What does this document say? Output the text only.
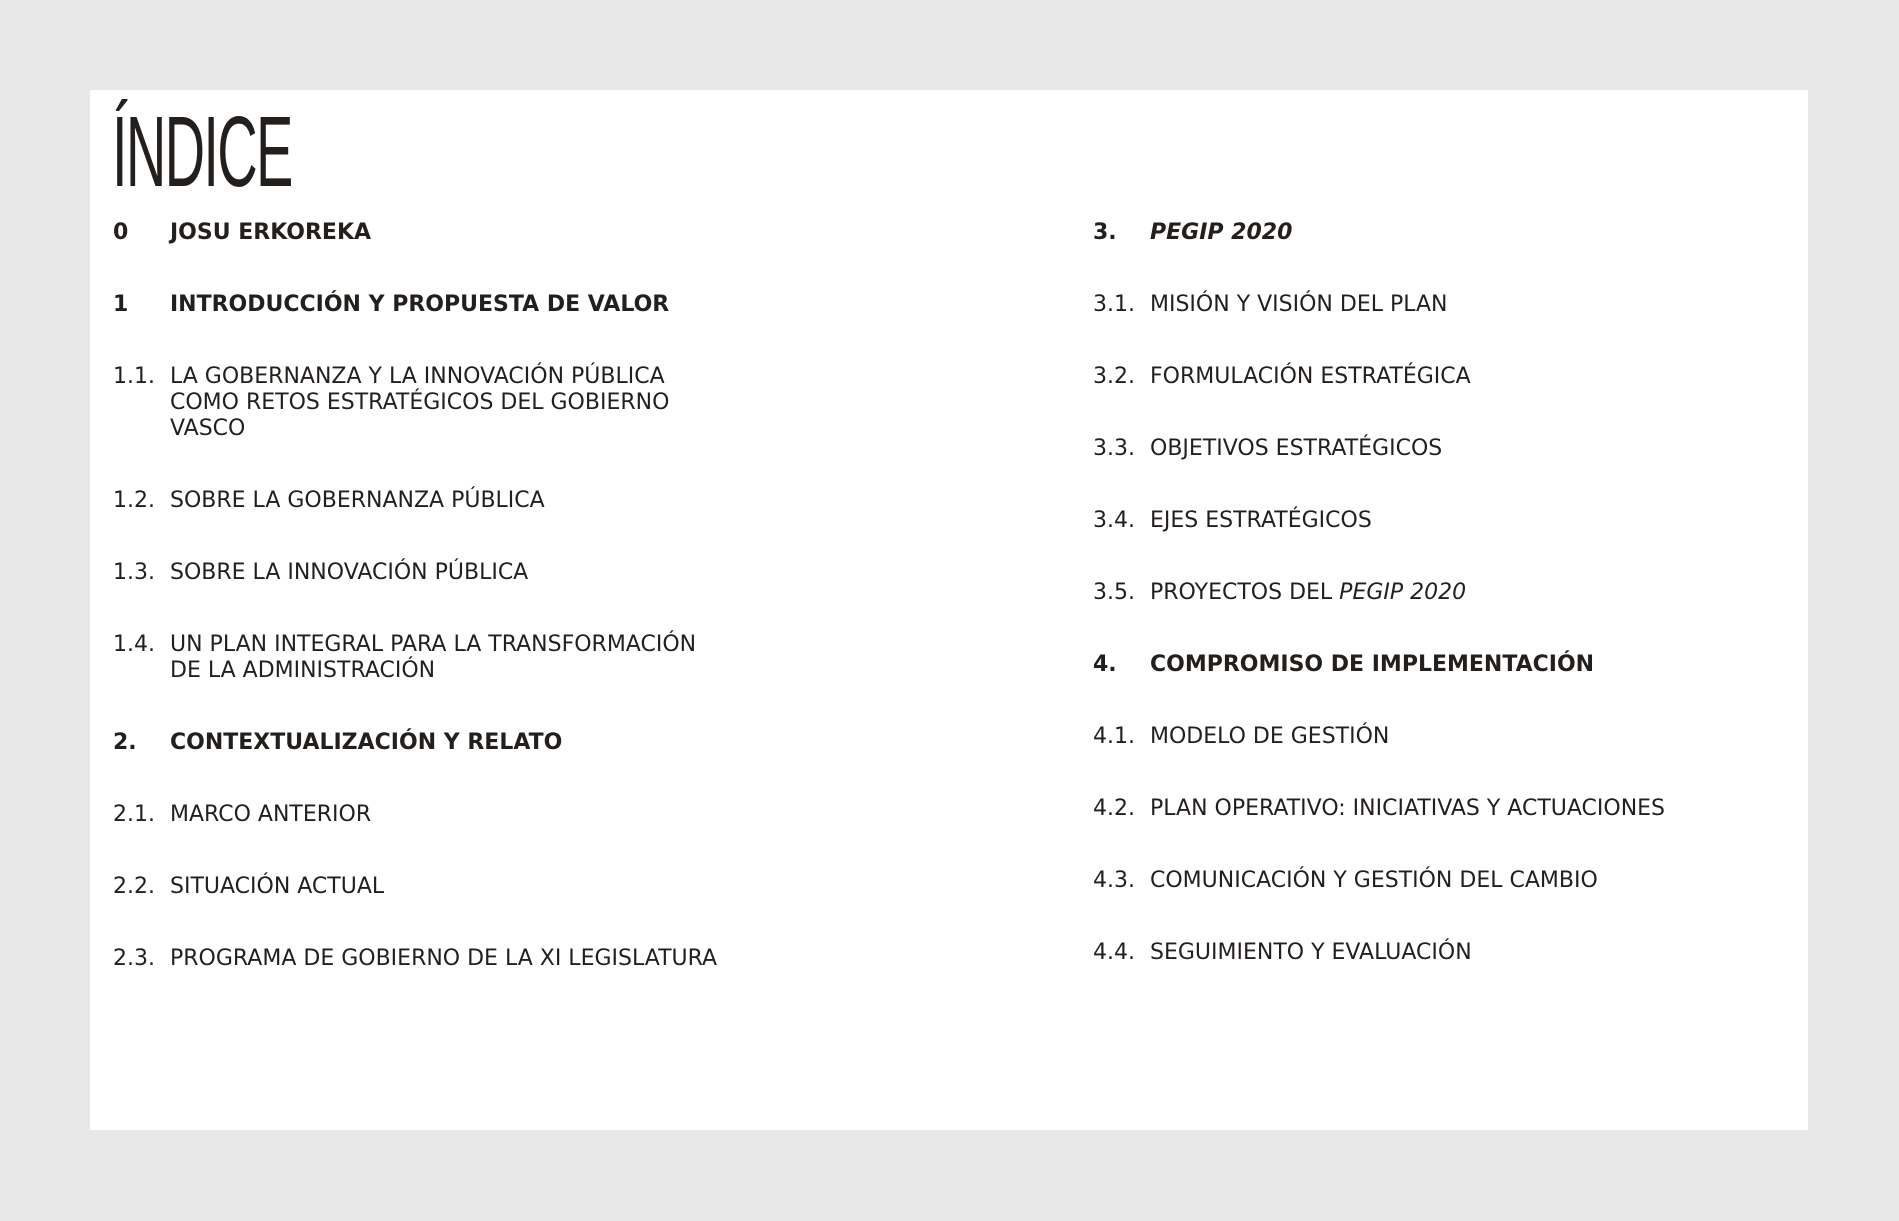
ÍNDICE
0	JOSU ERKOREKA
1	INTRODUCCIÓN Y PROPUESTA DE VALOR
1.1. LA GOBERNANZA Y LA INNOVACIÓN PÚBLICA COMO RETOS ESTRATÉGICOS DEL GOBIERNO VASCO
1.2. SOBRE LA GOBERNANZA PÚBLICA
1.3. SOBRE LA INNOVACIÓN PÚBLICA
1.4. UN PLAN INTEGRAL PARA LA TRANSFORMACIÓN DE LA ADMINISTRACIÓN
2.	CONTEXTUALIZACIÓN Y RELATO
2.1. MARCO ANTERIOR
2.2. SITUACIÓN ACTUAL
2.3. PROGRAMA DE GOBIERNO DE LA XI LEGISLATURA
3.	PEGIP 2020
3.1. MISIÓN Y VISIÓN DEL PLAN
3.2. FORMULACIÓN ESTRATÉGICA
3.3. OBJETIVOS ESTRATÉGICOS
3.4. EJES ESTRATÉGICOS
3.5. PROYECTOS DEL PEGIP 2020
4.	COMPROMISO DE IMPLEMENTACIÓN
4.1. MODELO DE GESTIÓN
4.2. PLAN OPERATIVO: INICIATIVAS Y ACTUACIONES
4.3. COMUNICACIÓN Y GESTIÓN DEL CAMBIO
4.4. SEGUIMIENTO Y EVALUACIÓN
